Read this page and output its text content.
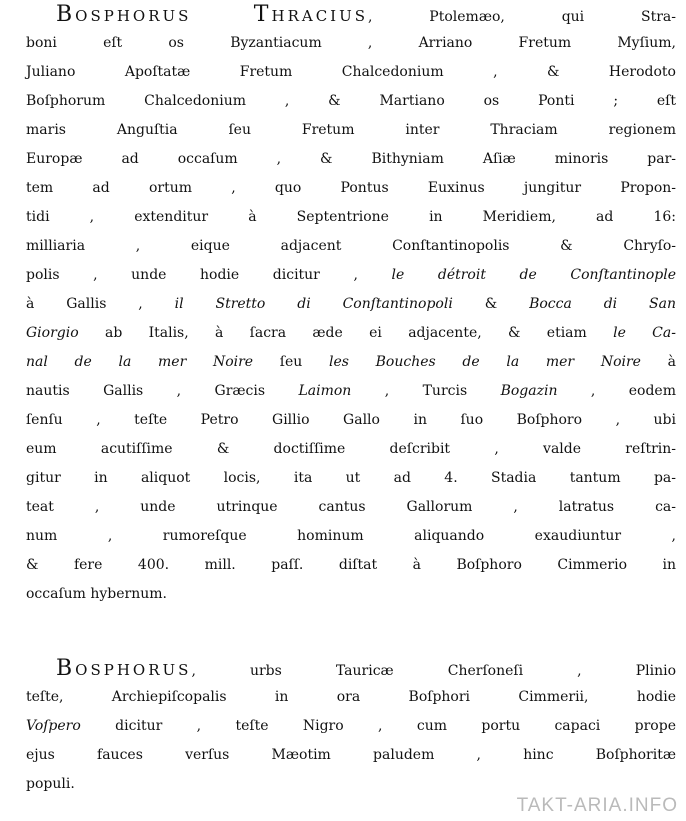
Bosphorus Thracius, Ptolemæo, qui Stra-
boni eſt os Byzantiacum , Arriano Fretum Myſium,
Juliano Apoſtatæ Fretum Chalcedonium , & Herodoto
Boſphorum Chalcedonium , & Martiano os Ponti ; eſt
maris Anguſtia ſeu Fretum inter Thraciam regionem
Europæ ad occaſum , & Bithyniam Aſiæ minoris par-
tem ad ortum , quo Pontus Euxinus jungitur Propon-
tidi , extenditur à Septentrione in Meridiem, ad 16:
milliaria , eique adjacent Conſtantinopolis & Chryſo-
polis , unde hodie dicitur , le détroit de Conſtantinople
à Gallis , il Stretto di Conſtantinopoli & Bocca di San
Giorgio ab Italis, à ſacra æde ei adjacente, & etiam le Ca-
nal de la mer Noire ſeu les Bouches de la mer Noire à
nautis Gallis , Græcis Laimon , Turcis Bogazin , eodem
ſenſu , teſte Petro Gillio Gallo in ſuo Boſphoro , ubi
eum acutiſſime & doctiſſime deſcribit , valde reſtrin-
gitur in aliquot locis, ita ut ad 4. Stadia tantum pa-
teat , unde utrinque cantus Gallorum , latratus ca-
num , rumoreſque hominum aliquando exaudiuntur ,
& fere 400. mill. paſſ. diſtat à Boſphoro Cimmerio in
occaſum hybernum.
Bosphorus, urbs Tauricæ Cherſoneſi , Plinio
teſte, Archiepiſcopalis in ora Boſphori Cimmerii, hodie
Voſpero dicitur , teſte Nigro , cum portu capaci prope
ejus fauces verſus Mæotim paludem , hinc Boſphoritæ
populi.
TAKT-ARIA.INFO
